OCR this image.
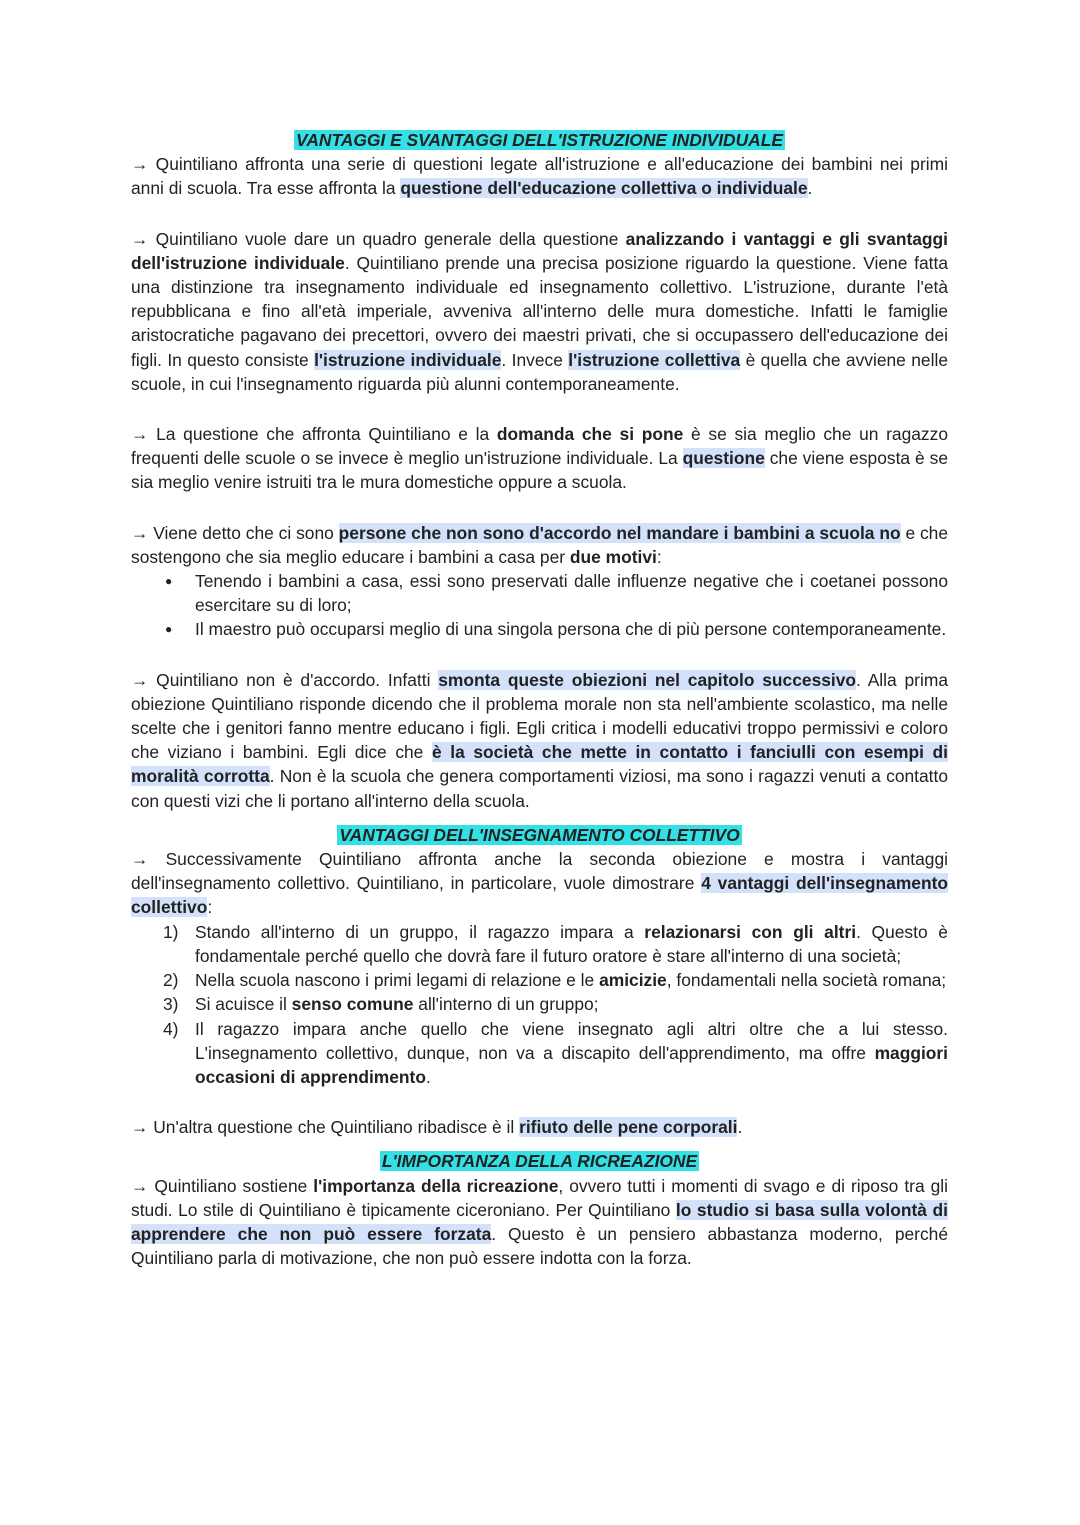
VANTAGGI E SVANTAGGI DELL'ISTRUZIONE INDIVIDUALE

→ Quintiliano affronta una serie di questioni legate all'istruzione e all'educazione dei bambini nei primi anni di scuola. Tra esse affronta la questione dell'educazione collettiva o individuale.

→ Quintiliano vuole dare un quadro generale della questione analizzando i vantaggi e gli svantaggi dell'istruzione individuale. Quintiliano prende una precisa posizione riguardo la questione. Viene fatta una distinzione tra insegnamento individuale ed insegnamento collettivo. L'istruzione, durante l'età repubblicana e fino all'età imperiale, avveniva all'interno delle mura domestiche. Infatti le famiglie aristocratiche pagavano dei precettori, ovvero dei maestri privati, che si occupassero dell'educazione dei figli. In questo consiste l'istruzione individuale. Invece l'istruzione collettiva è quella che avviene nelle scuole, in cui l'insegnamento riguarda più alunni contemporaneamente.

→ La questione che affronta Quintiliano e la domanda che si pone è se sia meglio che un ragazzo frequenti delle scuole o se invece è meglio un'istruzione individuale. La questione che viene esposta è se sia meglio venire istruiti tra le mura domestiche oppure a scuola.

→ Viene detto che ci sono persone che non sono d'accordo nel mandare i bambini a scuola no e che sostengono che sia meglio educare i bambini a casa per due motivi:

● Tenendo i bambini a casa, essi sono preservati dalle influenze negative che i coetanei possono esercitare su di loro;
● Il maestro può occuparsi meglio di una singola persona che di più persone contemporaneamente.

→ Quintiliano non è d'accordo. Infatti smonta queste obiezioni nel capitolo successivo. Alla prima obiezione Quintiliano risponde dicendo che il problema morale non sta nell'ambiente scolastico, ma nelle scelte che i genitori fanno mentre educano i figli. Egli critica i modelli educativi troppo permissivi e coloro che viziano i bambini. Egli dice che è la società che mette in contatto i fanciulli con esempi di moralità corrotta. Non è la scuola che genera comportamenti viziosi, ma sono i ragazzi venuti a contatto con questi vizi che li portano all'interno della scuola.

VANTAGGI DELL'INSEGNAMENTO COLLETTIVO

→ Successivamente Quintiliano affronta anche la seconda obiezione e mostra i vantaggi dell'insegnamento collettivo. Quintiliano, in particolare, vuole dimostrare 4 vantaggi dell'insegnamento collettivo:

1) Stando all'interno di un gruppo, il ragazzo impara a relazionarsi con gli altri. Questo è fondamentale perché quello che dovrà fare il futuro oratore è stare all'interno di una società;
2) Nella scuola nascono i primi legami di relazione e le amicizie, fondamentali nella società romana;
3) Si acuisce il senso comune all'interno di un gruppo;
4) Il ragazzo impara anche quello che viene insegnato agli altri oltre che a lui stesso. L'insegnamento collettivo, dunque, non va a discapito dell'apprendimento, ma offre maggiori occasioni di apprendimento.

→ Un'altra questione che Quintiliano ribadisce è il rifiuto delle pene corporali.

L'IMPORTANZA DELLA RICREAZIONE

→ Quintiliano sostiene l'importanza della ricreazione, ovvero tutti i momenti di svago e di riposo tra gli studi. Lo stile di Quintiliano è tipicamente ciceroniano. Per Quintiliano lo studio si basa sulla volontà di apprendere che non può essere forzata. Questo è un pensiero abbastanza moderno, perché Quintiliano parla di motivazione, che non può essere indotta con la forza.
